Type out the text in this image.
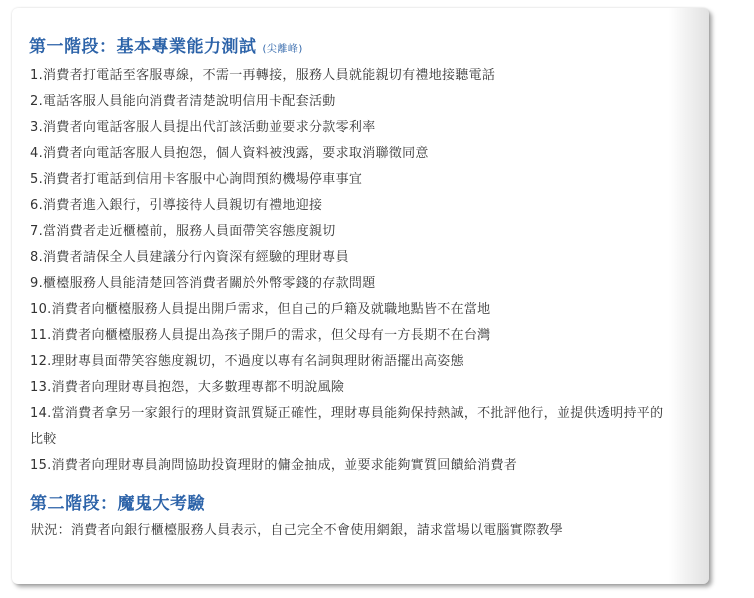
第一階段：基本專業能力測試 (尖離峰)
1.消費者打電話至客服專線，不需一再轉接，服務人員就能親切有禮地接聽電話
2.電話客服人員能向消費者清楚說明信用卡配套活動
3.消費者向電話客服人員提出代訂該活動並要求分款零利率
4.消費者向電話客服人員抱怨，個人資料被洩露，要求取消聯徵同意
5.消費者打電話到信用卡客服中心詢問預約機場停車事宜
6.消費者進入銀行，引導接待人員親切有禮地迎接
7.當消費者走近櫃檯前，服務人員面帶笑容態度親切
8.消費者請保全人員建議分行內資深有經驗的理財專員
9.櫃檯服務人員能清楚回答消費者關於外幣零錢的存款問題
10.消費者向櫃檯服務人員提出開戶需求，但自己的戶籍及就職地點皆不在當地
11.消費者向櫃檯服務人員提出為孩子開戶的需求，但父母有一方長期不在台灣
12.理財專員面帶笑容態度親切，不過度以專有名詞與理財術語擺出高姿態
13.消費者向理財專員抱怨，大多數理專都不明說風險
14.當消費者拿另一家銀行的理財資訊質疑正確性，理財專員能夠保持熱誠，不批評他行，並提供透明持平的比較
15.消費者向理財專員詢問協助投資理財的傭金抽成，並要求能夠實質回饋給消費者
第二階段：魔鬼大考驗
狀況：消費者向銀行櫃檯服務人員表示，自己完全不會使用網銀，請求當場以電腦實際教學
